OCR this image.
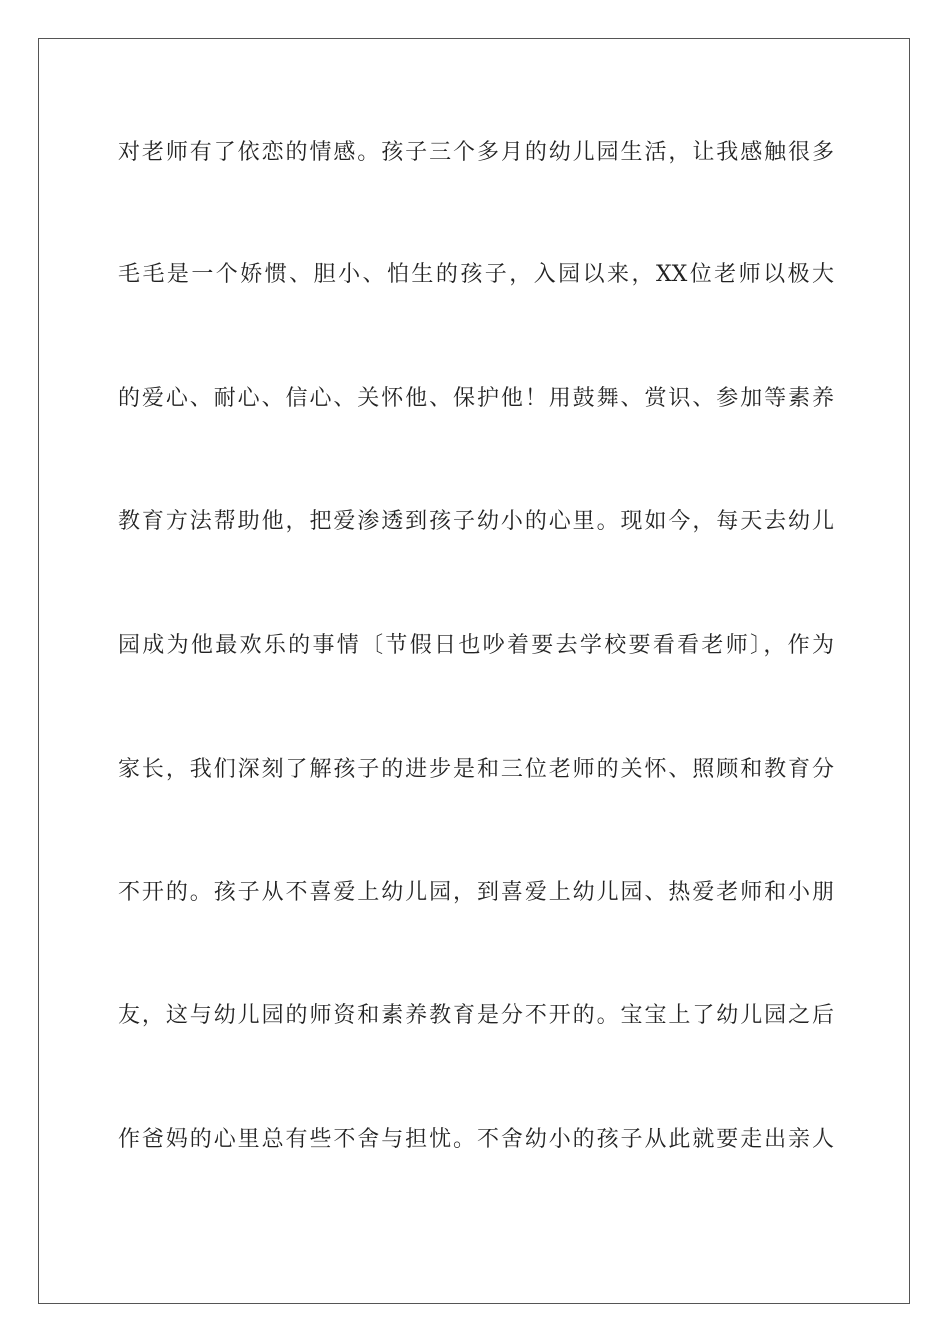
对老师有了依恋的情感。孩子三个多月的幼儿园生活，让我感触很多
毛毛是一个娇惯、胆小、怕生的孩子，入园以来，XX位老师以极大
的爱心、耐心、信心、关怀他、保护他！用鼓舞、赏识、参加等素养
教育方法帮助他，把爱渗透到孩子幼小的心里。现如今，每天去幼儿
园成为他最欢乐的事情〔节假日也吵着要去学校要看看老师〕，作为
家长，我们深刻了解孩子的进步是和三位老师的关怀、照顾和教育分
不开的。孩子从不喜爱上幼儿园，到喜爱上幼儿园、热爱老师和小朋
友，这与幼儿园的师资和素养教育是分不开的。宝宝上了幼儿园之后
作爸妈的心里总有些不舍与担忧。不舍幼小的孩子从此就要走出亲人
